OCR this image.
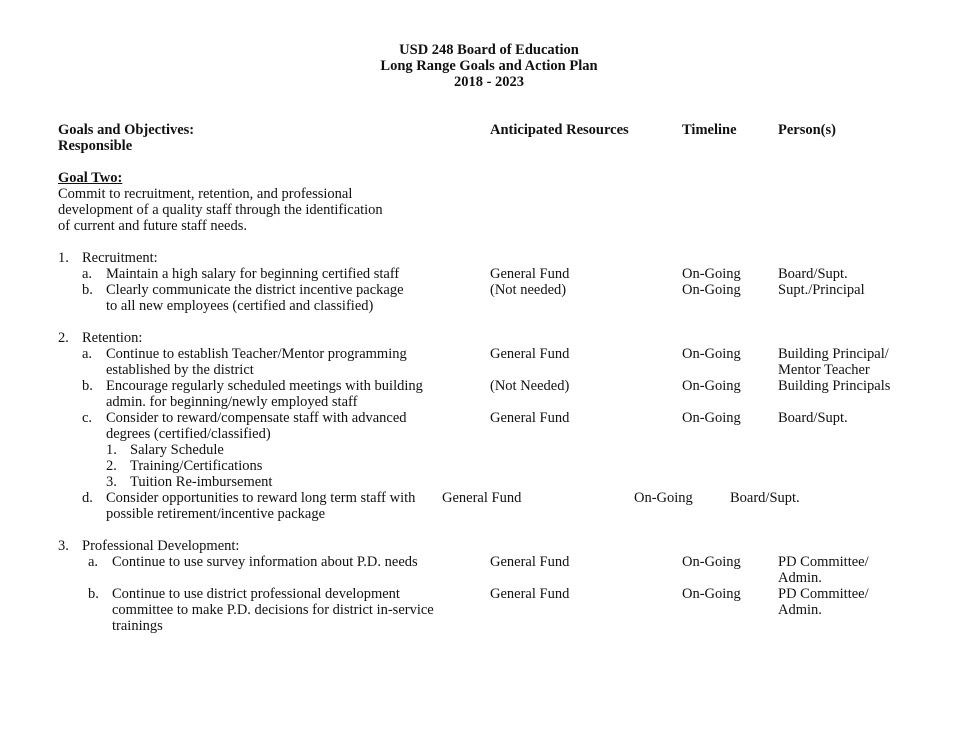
USD 248 Board of Education
Long Range Goals and Action Plan
2018 - 2023
Goals and Objectives:
Responsible
Anticipated Resources	Timeline	Person(s)
Goal Two:
Commit to recruitment, retention, and professional
development of a quality staff through the identification
of current and future staff needs.
1. Recruitment:
a. Maintain a high salary for beginning certified staff	General Fund	On-Going	Board/Supt.
b. Clearly communicate the district incentive package
to all new employees (certified and classified)
(Not needed)	On-Going	Supt./Principal
2. Retention:
a. Continue to establish Teacher/Mentor programming
established by the district
General Fund	On-Going	Building Principal/
Mentor Teacher
b. Encourage regularly scheduled meetings with building
admin. for beginning/newly employed staff
(Not Needed)	On-Going	Building Principals
c. Consider to reward/compensate staff with advanced
degrees (certified/classified)
General Fund	On-Going	Board/Supt.
1. Salary Schedule
2. Training/Certifications
3. Tuition Re-imbursement
d. Consider opportunities to reward long term staff with
possible retirement/incentive package
General Fund	On-Going	Board/Supt.
3. Professional Development:
a. Continue to use survey information about P.D. needs	General Fund	On-Going	PD Committee/
Admin.
b. Continue to use district professional development
committee to make P.D. decisions for district in-service
trainings
General Fund	On-Going	PD Committee/
Admin.
